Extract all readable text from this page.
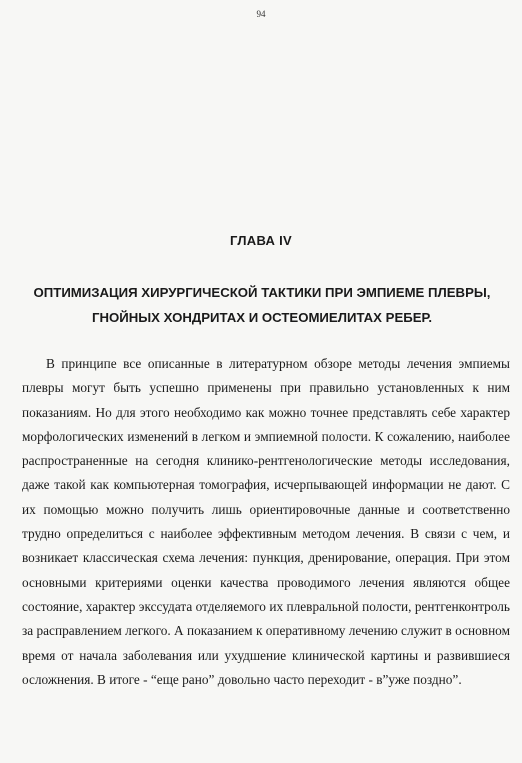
94
ГЛАВА IV
ОПТИМИЗАЦИЯ ХИРУРГИЧЕСКОЙ ТАКТИКИ ПРИ ЭМПИЕМЕ ПЛЕВРЫ,
ГНОЙНЫХ ХОНДРИТАХ И ОСТЕОМИЕЛИТАХ РЕБЕР.

В принципе все описанные в литературном обзоре методы лечения эмпиемы плевры могут быть успешно применены при правильно установленных к ним показаниям. Но для этого необходимо как можно точнее представлять себе характер морфологических изменений в легком и эмпиемной полости. К сожалению, наиболее распространенные на сегодня клинико-рентгенологические методы исследования, даже такой как компьютерная томография, исчерпывающей информации не дают. С их помощью можно получить лишь ориентировочные данные и соответственно трудно определиться с наиболее эффективным методом лечения. В связи с чем, и возникает классическая схема лечения: пункция, дренирование, операция. При этом основными критериями оценки качества проводимого лечения являются общее состояние, характер экссудата отделяемого их плевральной полости, рентгенконтроль за расправлением легкого. А показанием к оперативному лечению служит в основном время от начала заболевания или ухудшение клинической картины и развившиеся осложнения. В итоге - “еще рано” довольно часто переходит - в”уже поздно”.
